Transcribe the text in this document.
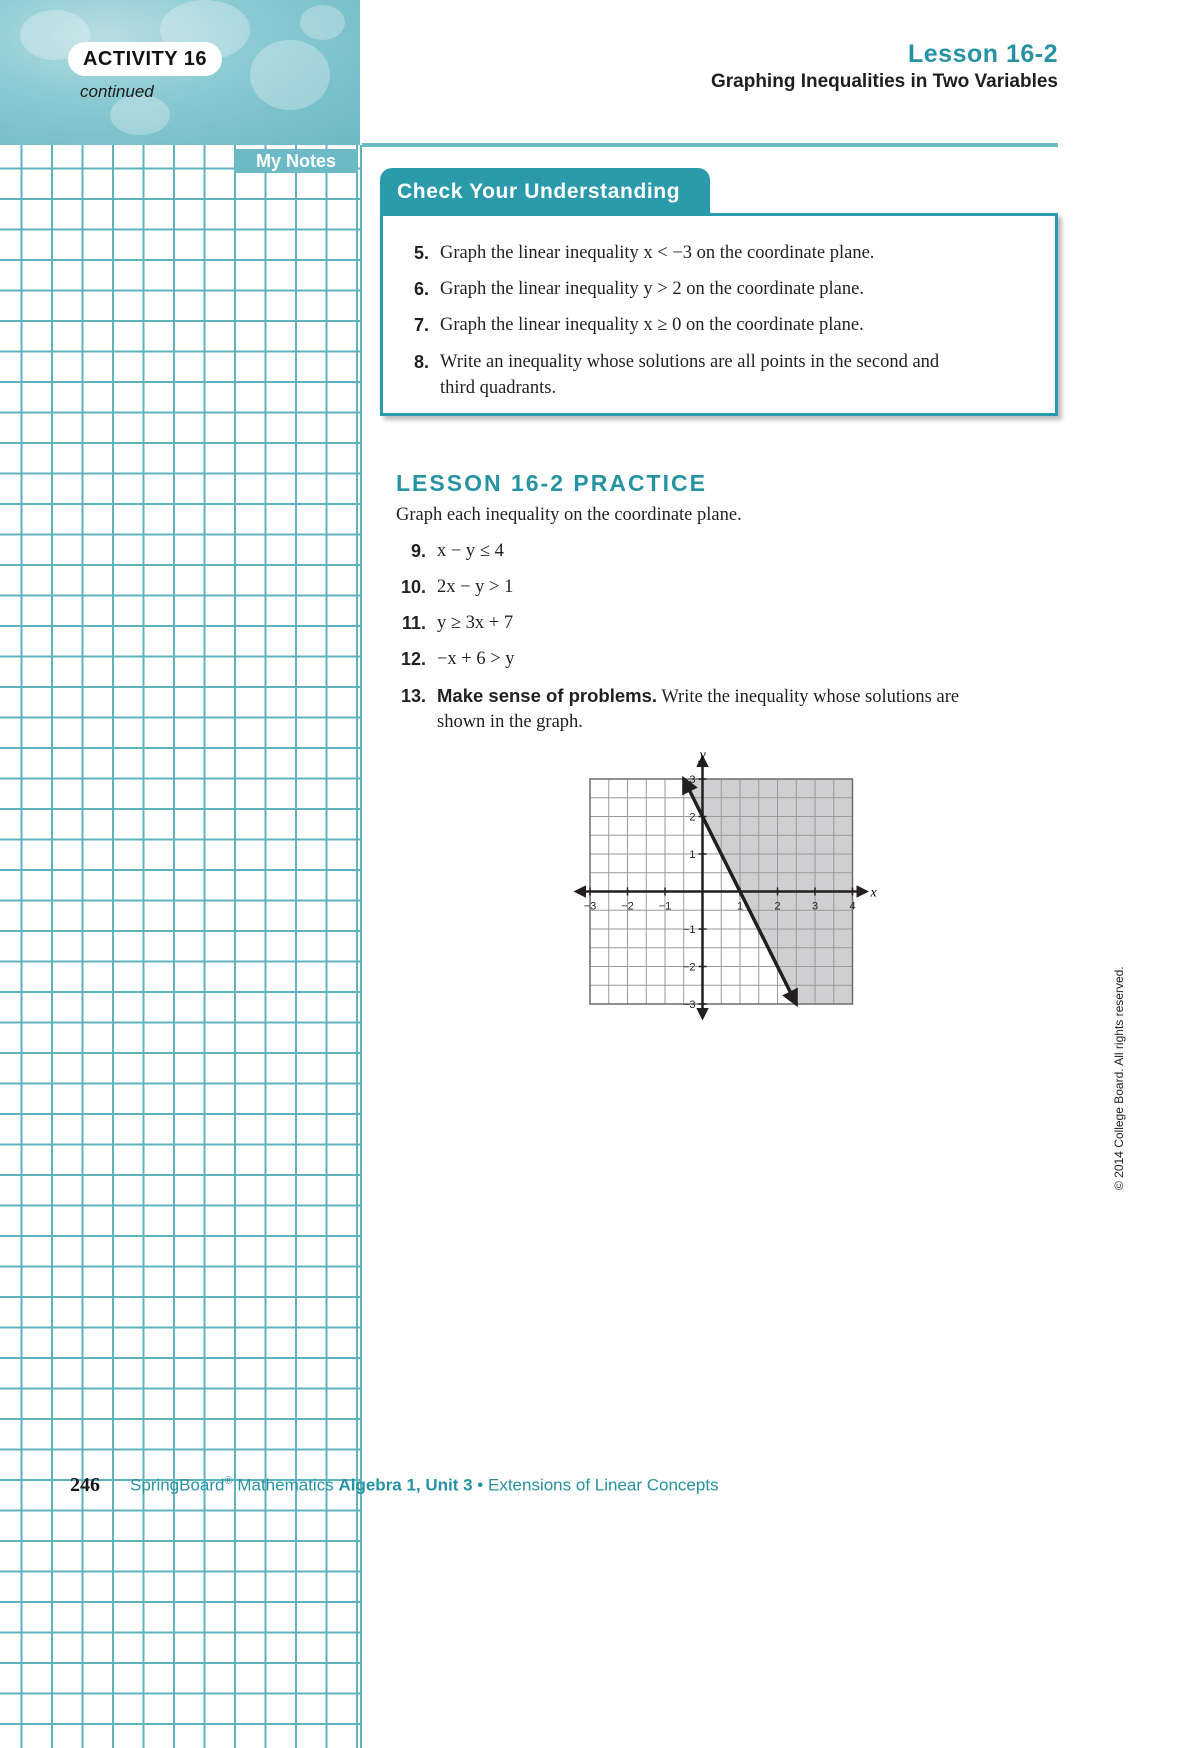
ACTIVITY 16
continued
My Notes
Lesson 16-2
Graphing Inequalities in Two Variables
Check Your Understanding
5. Graph the linear inequality x < −3 on the coordinate plane.
6. Graph the linear inequality y > 2 on the coordinate plane.
7. Graph the linear inequality x ≥ 0 on the coordinate plane.
8. Write an inequality whose solutions are all points in the second and
third quadrants.
LESSON 16-2 PRACTICE
Graph each inequality on the coordinate plane.
9. x − y ≤ 4
10. 2x − y > 1
11. y ≥ 3x + 7
12. −x + 6 > y
13. Make sense of problems. Write the inequality whose solutions are
shown in the graph.
−3 −2 −1	1	2	3	4
−3
−2
−1
1
2
3
x
y
246 SpringBoard® Mathematics Algebra 1, Unit 3 • Extensions of Linear Concepts
© 2014 College Board. All rights reserved.
